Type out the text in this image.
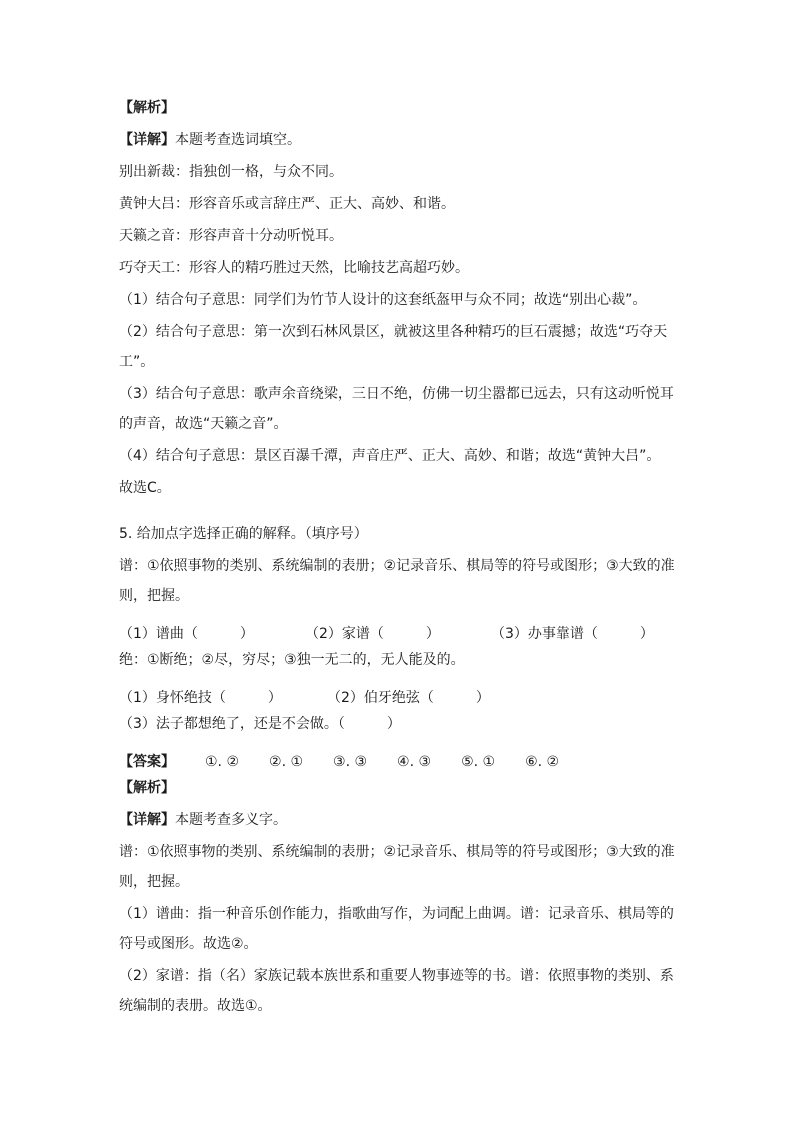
【解析】
【详解】本题考查选词填空。
别出新裁：指独创一格，与众不同。
黄钟大吕：形容音乐或言辞庄严、正大、高妙、和谐。
天籁之音：形容声音十分动听悦耳。
巧夺天工：形容人的精巧胜过天然，比喻技艺高超巧妙。
（1）结合句子意思：同学们为竹节人设计的这套纸盔甲与众不同；故选“别出心裁”。
（2）结合句子意思：第一次到石林风景区，就被这里各种精巧的巨石震撼；故选“巧夺天
工”。
（3）结合句子意思：歌声余音绕梁，三日不绝，仿佛一切尘嚣都已远去，只有这动听悦耳
的声音，故选“天籁之音”。
（4）结合句子意思：景区百瀑千潭，声音庄严、正大、高妙、和谐；故选“黄钟大吕”。
故选C。
5. 给加点字选择正确的解释。（填序号）
谱：①依照事物的类别、系统编制的表册；②记录音乐、棋局等的符号或图形；③大致的准
则，把握。
（1）谱曲（　　　）	（2）家谱（　　　）	（3）办事靠谱（　　　）
绝：①断绝；②尽，穷尽；③独一无二的，无人能及的。
（1）身怀绝技（　　　）	（2）伯牙绝弦（　　　）
（3）法子都想绝了，还是不会做。（　　　）
【答案】 ①. ② ②. ① ③. ③ ④. ③ ⑤. ① ⑥. ②
【解析】
【详解】本题考查多义字。
谱：①依照事物的类别、系统编制的表册；②记录音乐、棋局等的符号或图形；③大致的准
则，把握。
（1）谱曲：指一种音乐创作能力，指歌曲写作，为词配上曲调。谱：记录音乐、棋局等的
符号或图形。故选②。
（2）家谱：指（名）家族记载本族世系和重要人物事迹等的书。谱：依照事物的类别、系
统编制的表册。故选①。
